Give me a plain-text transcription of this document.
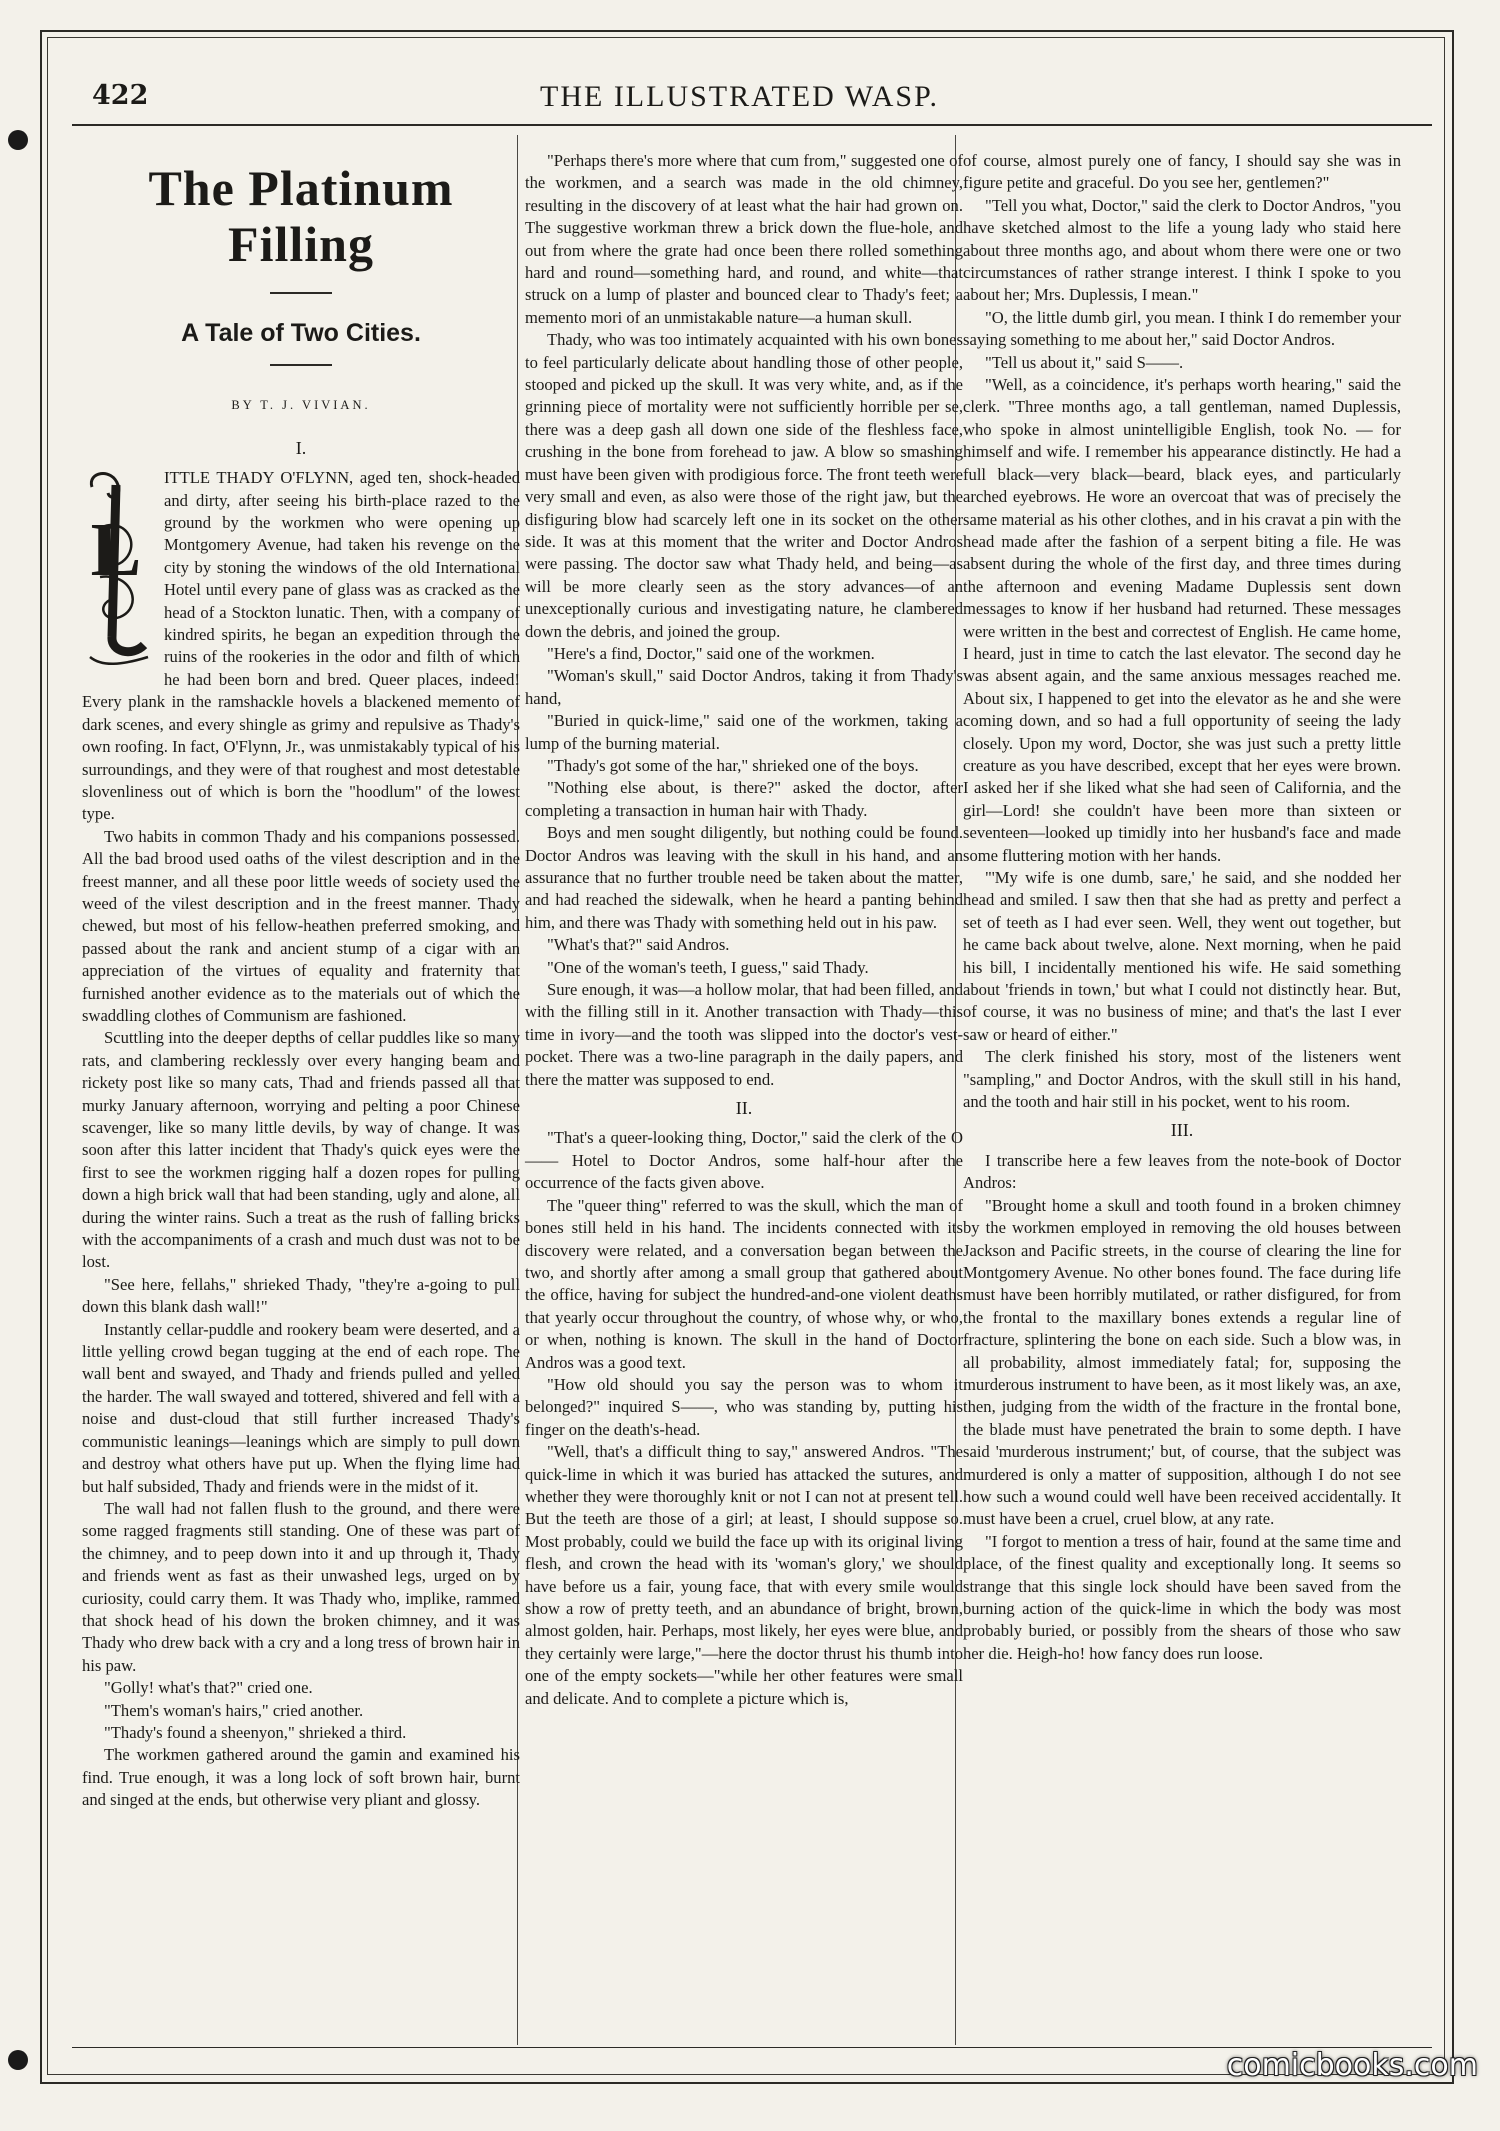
422	THE ILLUSTRATED WASP.
The Platinum Filling
A Tale of Two Cities.
BY T. J. VIVIAN.
I.
L

ITTLE THADY O'FLYNN, aged ten, shock-headed and dirty, after seeing his birth-place razed to the ground by the workmen who were opening up Montgomery Avenue, had taken his revenge on the city by stoning the windows of the old International Hotel until every pane of glass was as cracked as the head of a Stockton lunatic. Then, with a company of kindred spirits, he began an expedition through the ruins of the rookeries in the odor and filth of which he had been born and bred. Queer places, indeed! Every plank in the ramshackle hovels a blackened memento of dark scenes, and every shingle as grimy and repulsive as Thady's own roofing. In fact, O'Flynn, Jr., was unmistakably typical of his surroundings, and they were of that roughest and most detestable slovenliness out of which is born the "hoodlum" of the lowest type.

Two habits in common Thady and his companions possessed. All the bad brood used oaths of the vilest description and in the freest manner, and all these poor little weeds of society used the weed of the vilest description and in the freest manner. Thady chewed, but most of his fellow-heathen preferred smoking, and passed about the rank and ancient stump of a cigar with an appreciation of the virtues of equality and fraternity that furnished another evidence as to the materials out of which the swaddling clothes of Communism are fashioned.

Scuttling into the deeper depths of cellar puddles like so many rats, and clambering recklessly over every hanging beam and rickety post like so many cats, Thad and friends passed all that murky January afternoon, worrying and pelting a poor Chinese scavenger, like so many little devils, by way of change. It was soon after this latter incident that Thady's quick eyes were the first to see the workmen rigging half a dozen ropes for pulling down a high brick wall that had been standing, ugly and alone, all during the winter rains. Such a treat as the rush of falling bricks with the accompaniments of a crash and much dust was not to be lost.

"See here, fellahs," shrieked Thady, "they're a-going to pull down this blank dash wall!"

Instantly cellar-puddle and rookery beam were deserted, and a little yelling crowd began tugging at the end of each rope. The wall bent and swayed, and Thady and friends pulled and yelled the harder. The wall swayed and tottered, shivered and fell with a noise and dust-cloud that still further increased Thady's communistic leanings—leanings which are simply to pull down and destroy what others have put up. When the flying lime had but half subsided, Thady and friends were in the midst of it.

The wall had not fallen flush to the ground, and there were some ragged fragments still standing. One of these was part of the chimney, and to peep down into it and up through it, Thady and friends went as fast as their unwashed legs, urged on by curiosity, could carry them. It was Thady who, implike, rammed that shock head of his down the broken chimney, and it was Thady who drew back with a cry and a long tress of brown hair in his paw.

"Golly! what's that?" cried one.

"Them's woman's hairs," cried another.

"Thady's found a sheenyon," shrieked a third.

The workmen gathered around the gamin and examined his find. True enough, it was a long lock of soft brown hair, burnt and singed at the ends, but otherwise very pliant and glossy.

"Perhaps there's more where that cum from," suggested one of the workmen, and a search was made in the old chimney, resulting in the discovery of at least what the hair had grown on. The suggestive workman threw a brick down the flue-hole, and out from where the grate had once been there rolled something hard and round—something hard, and round, and white—that struck on a lump of plaster and bounced clear to Thady's feet; a memento mori of an unmistakable nature—a human skull.

Thady, who was too intimately acquainted with his own bones to feel particularly delicate about handling those of other people, stooped and picked up the skull. It was very white, and, as if the grinning piece of mortality were not sufficiently horrible per se, there was a deep gash all down one side of the fleshless face, crushing in the bone from forehead to jaw. A blow so smashing must have been given with prodigious force. The front teeth were very small and even, as also were those of the right jaw, but the disfiguring blow had scarcely left one in its socket on the other side. It was at this moment that the writer and Doctor Andros were passing. The doctor saw what Thady held, and being—as will be more clearly seen as the story advances—of an unexceptionally curious and investigating nature, he clambered down the debris, and joined the group.

"Here's a find, Doctor," said one of the workmen.

"Woman's skull," said Doctor Andros, taking it from Thady's hand,

"Buried in quick-lime," said one of the workmen, taking a lump of the burning material.

"Thady's got some of the har," shrieked one of the boys.

"Nothing else about, is there?" asked the doctor, after completing a transaction in human hair with Thady.

Boys and men sought diligently, but nothing could be found. Doctor Andros was leaving with the skull in his hand, and an assurance that no further trouble need be taken about the matter, and had reached the sidewalk, when he heard a panting behind him, and there was Thady with something held out in his paw.

"What's that?" said Andros.

"One of the woman's teeth, I guess," said Thady.

Sure enough, it was—a hollow molar, that had been filled, and with the filling still in it. Another transaction with Thady—this time in ivory—and the tooth was slipped into the doctor's vest-pocket. There was a two-line paragraph in the daily papers, and there the matter was supposed to end.

II.

"That's a queer-looking thing, Doctor," said the clerk of the O—— Hotel to Doctor Andros, some half-hour after the occurrence of the facts given above.

The "queer thing" referred to was the skull, which the man of bones still held in his hand. The incidents connected with its discovery were related, and a conversation began between the two, and shortly after among a small group that gathered about the office, having for subject the hundred-and-one violent deaths that yearly occur throughout the country, of whose why, or who, or when, nothing is known. The skull in the hand of Doctor Andros was a good text.

"How old should you say the person was to whom it belonged?" inquired S——, who was standing by, putting his finger on the death's-head.

"Well, that's a difficult thing to say," answered Andros. "The quick-lime in which it was buried has attacked the sutures, and whether they were thoroughly knit or not I can not at present tell. But the teeth are those of a girl; at least, I should suppose so. Most probably, could we build the face up with its original living flesh, and crown the head with its 'woman's glory,' we should have before us a fair, young face, that with every smile would show a row of pretty teeth, and an abundance of bright, brown, almost golden, hair. Perhaps, most likely, her eyes were blue, and they certainly were large,"—here the doctor thrust his thumb into one of the empty sockets—"while her other features were small and delicate. And to complete a picture which is,

of course, almost purely one of fancy, I should say she was in figure petite and graceful. Do you see her, gentlemen?"

"Tell you what, Doctor," said the clerk to Doctor Andros, "you have sketched almost to the life a young lady who staid here about three months ago, and about whom there were one or two circumstances of rather strange interest. I think I spoke to you about her; Mrs. Duplessis, I mean."

"O, the little dumb girl, you mean. I think I do remember your saying something to me about her," said Doctor Andros.

"Tell us about it," said S——.

"Well, as a coincidence, it's perhaps worth hearing," said the clerk. "Three months ago, a tall gentleman, named Duplessis, who spoke in almost unintelligible English, took No. — for himself and wife. I remember his appearance distinctly. He had a full black—very black—beard, black eyes, and particularly arched eyebrows. He wore an overcoat that was of precisely the same material as his other clothes, and in his cravat a pin with the head made after the fashion of a serpent biting a file. He was absent during the whole of the first day, and three times during the afternoon and evening Madame Duplessis sent down messages to know if her husband had returned. These messages were written in the best and correctest of English. He came home, I heard, just in time to catch the last elevator. The second day he was absent again, and the same anxious messages reached me. About six, I happened to get into the elevator as he and she were coming down, and so had a full opportunity of seeing the lady closely. Upon my word, Doctor, she was just such a pretty little creature as you have described, except that her eyes were brown. I asked her if she liked what she had seen of California, and the girl—Lord! she couldn't have been more than sixteen or seventeen—looked up timidly into her husband's face and made some fluttering motion with her hands.

"'My wife is one dumb, sare,' he said, and she nodded her head and smiled. I saw then that she had as pretty and perfect a set of teeth as I had ever seen. Well, they went out together, but he came back about twelve, alone. Next morning, when he paid his bill, I incidentally mentioned his wife. He said something about 'friends in town,' but what I could not distinctly hear. But, of course, it was no business of mine; and that's the last I ever saw or heard of either."

The clerk finished his story, most of the listeners went "sampling," and Doctor Andros, with the skull still in his hand, and the tooth and hair still in his pocket, went to his room.

III.

I transcribe here a few leaves from the note-book of Doctor Andros:

"Brought home a skull and tooth found in a broken chimney by the workmen employed in removing the old houses between Jackson and Pacific streets, in the course of clearing the line for Montgomery Avenue. No other bones found. The face during life must have been horribly mutilated, or rather disfigured, for from the frontal to the maxillary bones extends a regular line of fracture, splintering the bone on each side. Such a blow was, in all probability, almost immediately fatal; for, supposing the murderous instrument to have been, as it most likely was, an axe, then, judging from the width of the fracture in the frontal bone, the blade must have penetrated the brain to some depth. I have said 'murderous instrument;' but, of course, that the subject was murdered is only a matter of supposition, although I do not see how such a wound could well have been received accidentally. It must have been a cruel, cruel blow, at any rate.

"I forgot to mention a tress of hair, found at the same time and place, of the finest quality and exceptionally long. It seems so strange that this single lock should have been saved from the burning action of the quick-lime in which the body was most probably buried, or possibly from the shears of those who saw her die. Heigh-ho! how fancy does run loose.

comicbooks.com
